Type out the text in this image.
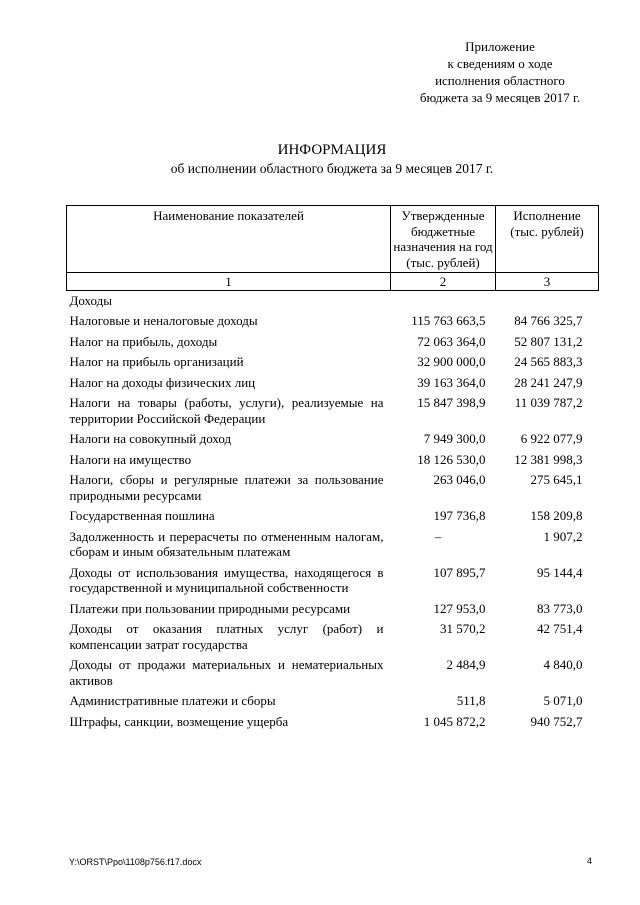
Приложение
к сведениям о ходе
исполнения областного
бюджета за 9 месяцев 2017 г.
ИНФОРМАЦИЯ
об исполнении областного бюджета за 9 месяцев 2017 г.
Наименование показателей	Утвержденные бюджетные назначения на год (тыс. рублей)	Исполнение (тыс. рублей)
1	2	3
Доходы		
Налоговые и неналоговые доходы	115 763 663,5	84 766 325,7
Налог на прибыль, доходы	72 063 364,0	52 807 131,2
Налог на прибыль организаций	32 900 000,0	24 565 883,3
Налог на доходы физических лиц	39 163 364,0	28 241 247,9
Налоги на товары (работы, услуги), реализуемые на территории Российской Федерации	15 847 398,9	11 039 787,2
Налоги на совокупный доход	7 949 300,0	6 922 077,9
Налоги на имущество	18 126 530,0	12 381 998,3
Налоги, сборы и регулярные платежи за пользование природными ресурсами	263 046,0	275 645,1
Государственная пошлина	197 736,8	158 209,8
Задолженность и перерасчеты по отмененным налогам, сборам и иным обязательным платежам	–	1 907,2
Доходы от использования имущества, находящегося в государственной и муниципальной собственности	107 895,7	95 144,4
Платежи при пользовании природными ресурсами	127 953,0	83 773,0
Доходы от оказания платных услуг (работ) и компенсации затрат государства	31 570,2	42 751,4
Доходы от продажи материальных и нематериальных активов	2 484,9	4 840,0
Административные платежи и сборы	511,8	5 071,0
Штрафы, санкции, возмещение ущерба	1 045 872,2	940 752,7
Y:\ORST\Ppo\1108p756.f17.docx	4
